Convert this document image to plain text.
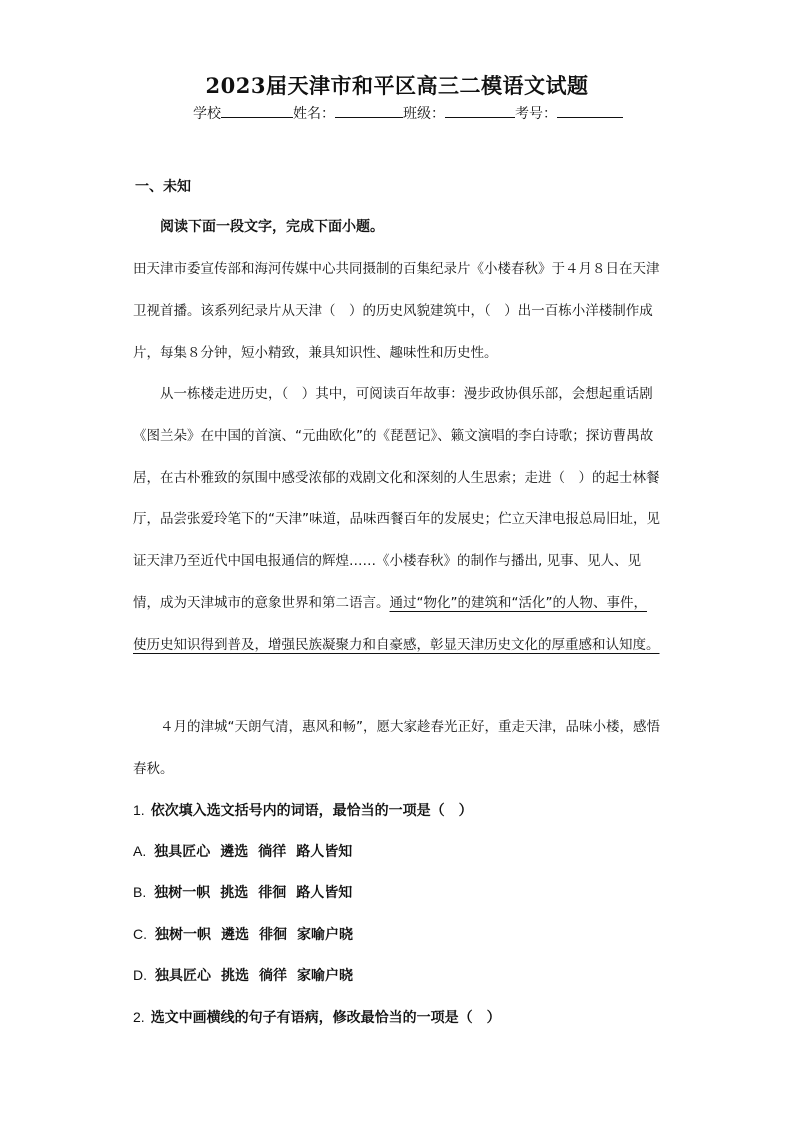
2023届天津市和平区高三二模语文试题
学校	姓名：	班级：	考号：
一、未知
阅读下面一段文字，完成下面小题。

田天津市委宣传部和海河传媒中心共同摄制的百集纪录片《小楼春秋》于４月８日在天津卫视首播。该系列纪录片从天津（　）的历史风貌建筑中，（　）出一百栋小洋楼制作成片，每集８分钟，短小精致，兼具知识性、趣味性和历史性。

从一栋楼走进历史，（　）其中，可阅读百年故事：漫步政协俱乐部，会想起重话剧《图兰朵》在中国的首演、“元曲欧化”的《琵琶记》、籁文演唱的李白诗歌；探访曹禺故居，在古朴雅致的氛围中感受浓郁的戏剧文化和深刻的人生思索；走进（　）的起士林餐厅，品尝张爱玲笔下的“天津”味道，品味西餐百年的发展史；伫立天津电报总局旧址，见证天津乃至近代中国电报通信的辉煌……《小楼春秋》的制作与播出, 见事、见人、见情，成为天津城市的意象世界和第二语言。通过“物化”的建筑和“活化”的人物、事件，使历史知识得到普及，增强民族凝聚力和自豪感，彰显天津历史文化的厚重感和认知度。

４月的津城“天朗气清，惠风和畅”，愿大家趁春光正好，重走天津，品味小楼，感悟春秋。

1. 依次填入选文括号内的词语，最恰当的一项是（　）
A. 独具匠心 遴选 徜徉 路人皆知
B. 独树一帜 挑选 徘徊 路人皆知
C. 独树一帜 遴选 徘徊 家喻户晓
D. 独具匠心 挑选 徜徉 家喻户晓
2. 选文中画横线的句子有语病，修改最恰当的一项是（　）
